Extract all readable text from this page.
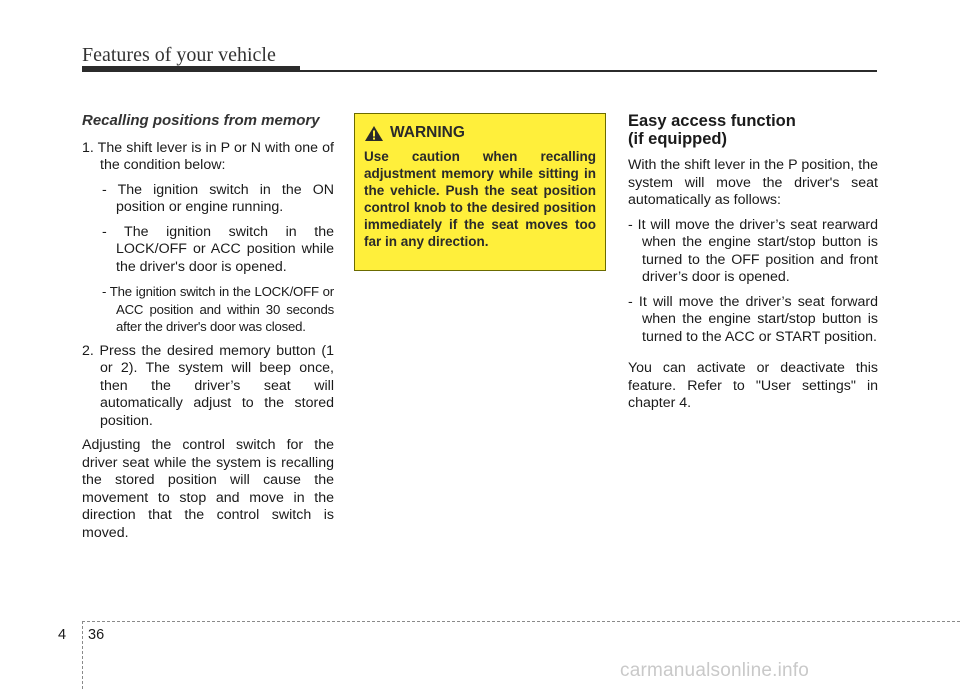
Features of your vehicle
Recalling positions from memory

1. The shift lever is in P or N with one of the condition below:

- The ignition switch in the ON position or engine running.

- The ignition switch in the LOCK/OFF or ACC position while the driver's door is opened.

- The ignition switch in the LOCK/OFF or ACC position and within 30 seconds after the driver's door was closed.

2. Press the desired memory button (1 or 2). The system will beep once, then the driver’s seat will automatically adjust to the stored position.

Adjusting the control switch for the driver seat while the system is recalling the stored position will cause the movement to stop and move in the direction that the control switch is moved.

WARNING
Use caution when recalling adjustment memory while sitting in the vehicle. Push the seat position control knob to the desired position immediately if the seat moves too far in any direction.
Easy access function
(if equipped)

With the shift lever in the P position, the system will move the driver's seat automatically as follows:

- It will move the driver’s seat rearward when the engine start/stop button is turned to the OFF position and front driver’s door is opened.

- It will move the driver’s seat forward when the engine start/stop button is turned to the ACC or START position.

You can activate or deactivate this feature. Refer to "User settings" in chapter 4.

4 36
carmanualsonline.info
